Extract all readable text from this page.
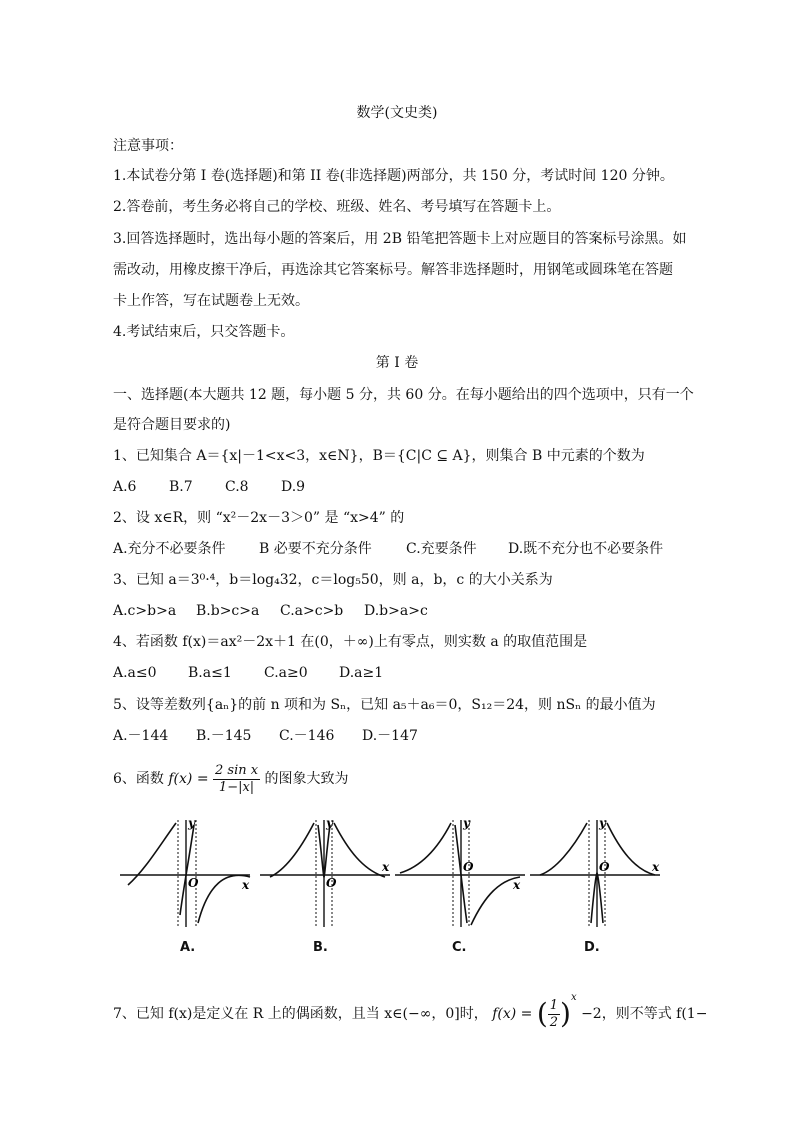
数学(文史类)
注意事项：
1.本试卷分第 I 卷(选择题)和第 II 卷(非选择题)两部分，共 150 分，考试时间 120 分钟。
2.答卷前，考生务必将自己的学校、班级、姓名、考号填写在答题卡上。
3.回答选择题时，选出每小题的答案后，用 2B 铅笔把答题卡上对应题目的答案标号涂黑。如
需改动，用橡皮擦干净后，再选涂其它答案标号。解答非选择题时，用钢笔或圆珠笔在答题
卡上作答，写在试题卷上无效。
4.考试结束后，只交答题卡。
第 I 卷
一、选择题(本大题共 12 题，每小题 5 分，共 60 分。在每小题给出的四个选项中，只有一个
是符合题目要求的)
1、已知集合 A＝{x|－1<x<3，x∈N}，B＝{C|C ⊆ A}，则集合 B 中元素的个数为
A.6 B.7 C.8 D.9
2、设 x∈R，则 “x²－2x－3＞0” 是 “x>4” 的
A.充分不必要条件 B 必要不充分条件 C.充要条件 D.既不充分也不必要条件
3、已知 a＝3⁰·⁴，b＝log₄32，c＝log₅50，则 a，b，c 的大小关系为
A.c>b>a B.b>c>a C.a>c>b D.b>a>c
4、若函数 f(x)＝ax²－2x＋1 在(0，＋∞)上有零点，则实数 a 的取值范围是
A.a≤0 B.a≤1 C.a≥0 D.a≥1
5、设等差数列{aₙ}的前 n 项和为 Sₙ，已知 a₅＋a₆＝0，S₁₂＝24，则 nSₙ 的最小值为
A.－144 B.－145 C.－146 D.－147
6、函数 $f(x) = \frac{\text{2 sin x}}{1-|x|}$ 的图象大致为
y
O	x
y
O
x
y
O
x
y
O	x
A.	B.	C.	D.
7、已知 f(x)是定义在 R 上的偶函数，且当 x∈(−∞，0]时， f(x) = ( $\frac{1}{2} )^x -2$，则不等式 f(1−
